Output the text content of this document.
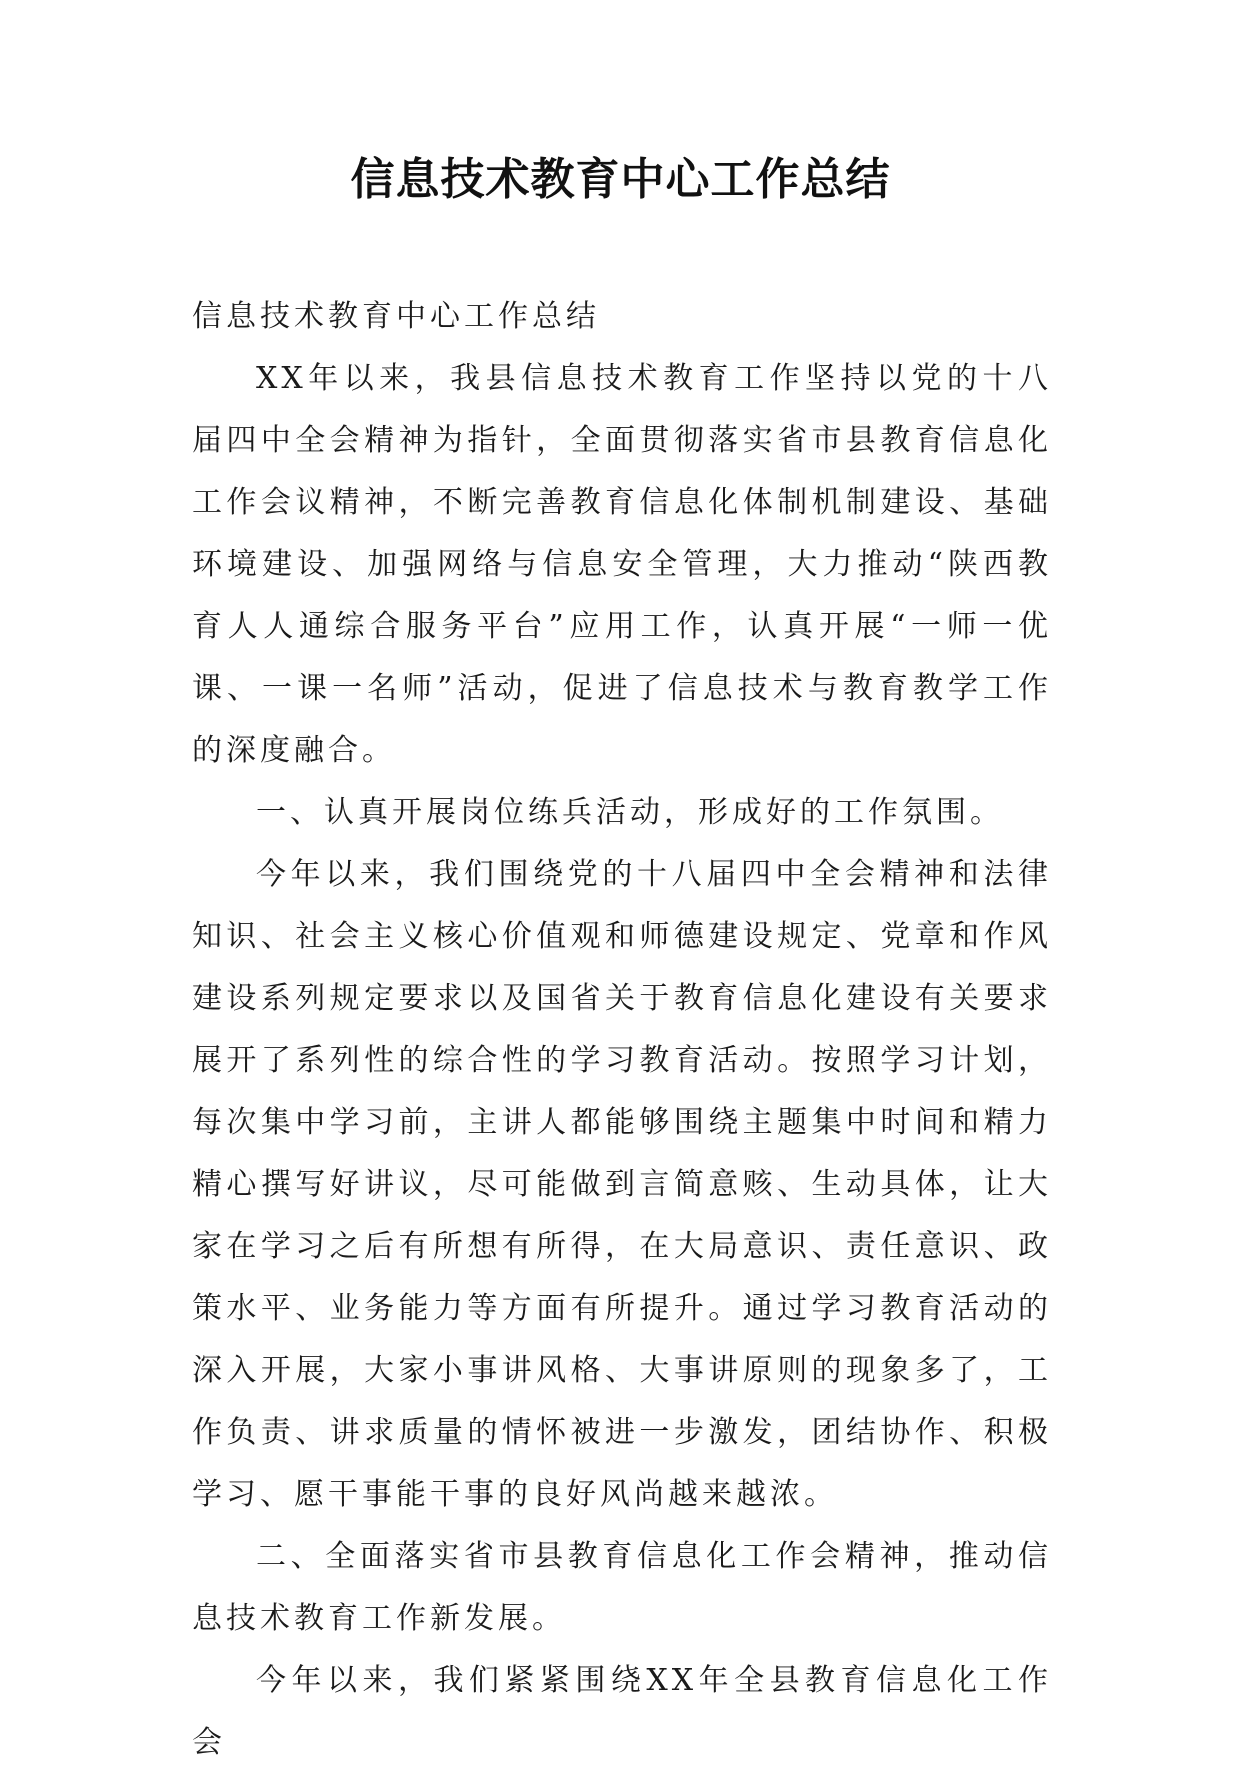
信息技术教育中心工作总结

信息技术教育中心工作总结

XX年以来，我县信息技术教育工作坚持以党的十八届四中全会精神为指针，全面贯彻落实省市县教育信息化工作会议精神，不断完善教育信息化体制机制建设、基础环境建设、加强网络与信息安全管理，大力推动“陕西教育人人通综合服务平台”应用工作，认真开展“一师一优课、一课一名师”活动，促进了信息技术与教育教学工作的深度融合。

一、认真开展岗位练兵活动，形成好的工作氛围。

今年以来，我们围绕党的十八届四中全会精神和法律知识、社会主义核心价值观和师德建设规定、党章和作风建设系列规定要求以及国省关于教育信息化建设有关要求展开了系列性的综合性的学习教育活动。按照学习计划，每次集中学习前，主讲人都能够围绕主题集中时间和精力精心撰写好讲议，尽可能做到言简意赅、生动具体，让大家在学习之后有所想有所得，在大局意识、责任意识、政策水平、业务能力等方面有所提升。通过学习教育活动的深入开展，大家小事讲风格、大事讲原则的现象多了，工作负责、讲求质量的情怀被进一步激发，团结协作、积极学习、愿干事能干事的良好风尚越来越浓。

二、全面落实省市县教育信息化工作会精神，推动信息技术教育工作新发展。

今年以来，我们紧紧围绕XX年全县教育信息化工作会
